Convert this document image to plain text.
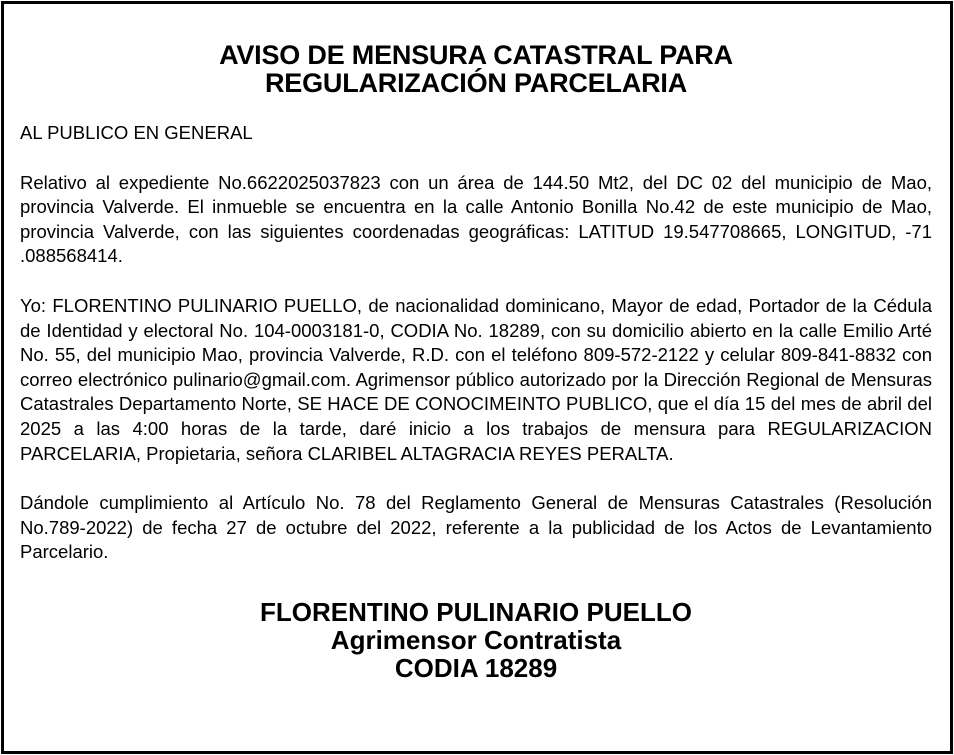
AVISO DE MENSURA CATASTRAL PARA
REGULARIZACIÓN PARCELARIA

AL PUBLICO EN GENERAL

Relativo al expediente No.6622025037823 con un área de 144.50 Mt2, del DC 02 del municipio de Mao, provincia Valverde. El inmueble se encuentra en la calle Antonio Bonilla No.42 de este municipio de Mao, provincia Valverde, con las siguientes coordenadas geográficas: LATITUD 19.547708665, LONGITUD, -71 .088568414.

Yo: FLORENTINO PULINARIO PUELLO, de nacionalidad dominicano, Mayor de edad, Portador de la Cédula de Identidad y electoral No. 104-0003181-0, CODIA No. 18289, con su domicilio abierto en la calle Emilio Arté No. 55, del municipio Mao, provincia Valverde, R.D. con el teléfono 809-572-2122 y celular 809-841-8832 con correo electrónico pulinario@gmail.com. Agrimensor público autorizado por la Dirección Regional de Mensuras Catastrales Departamento Norte, SE HACE DE CONOCIMEINTO PUBLICO, que el día 15 del mes de abril del 2025 a las 4:00 horas de la tarde, daré inicio a los trabajos de mensura para REGULARIZACION PARCELARIA, Propietaria, señora CLARIBEL ALTAGRACIA REYES PERALTA.

Dándole cumplimiento al Artículo No. 78 del Reglamento General de Mensuras Catastrales (Resolución No.789-2022) de fecha 27 de octubre del 2022, referente a la publicidad de los Actos de Levantamiento Parcelario.

FLORENTINO PULINARIO PUELLO
Agrimensor Contratista
CODIA 18289
